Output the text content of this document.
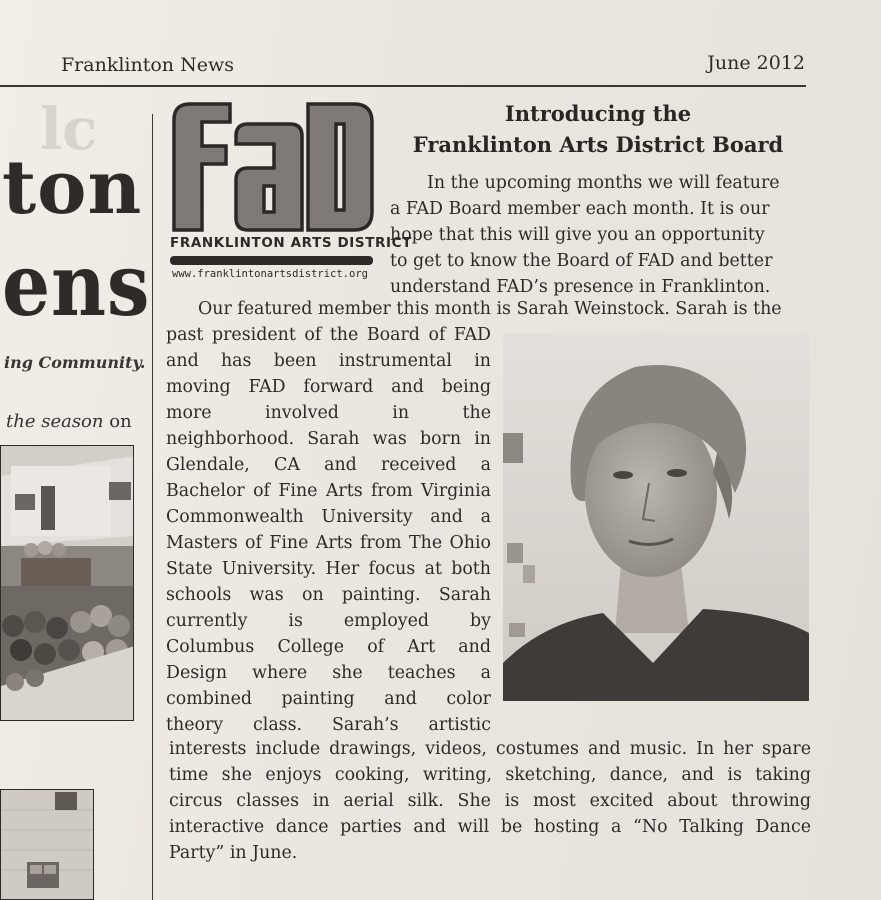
Franklinton News	June 2012
lc
ton
ens
ing Community.
the season on
FRANKLINTON ARTS DISTRICT
www.franklintonartsdistrict.org
Introducing the
Franklinton Arts District Board
In the upcoming months we will feature
a FAD Board member each month. It is our
hope that this will give you an opportunity
to get to know the Board of FAD and better
understand FAD’s presence in Franklinton.
Our featured member this month is Sarah Weinstock. Sarah is the
past president of the Board of FAD
and has been instrumental in
moving FAD forward and being
more involved in the
neighborhood. Sarah was born in
Glendale, CA and received a
Bachelor of Fine Arts from Virginia
Commonwealth University and a
Masters of Fine Arts from The Ohio
State University. Her focus at both
schools was on painting. Sarah
currently is employed by
Columbus College of Art and
Design where she teaches a
combined painting and color
theory class. Sarah’s artistic
interests include drawings, videos, costumes and music. In her spare
time she enjoys cooking, writing, sketching, dance, and is taking
circus classes in aerial silk. She is most excited about throwing
interactive dance parties and will be hosting a “No Talking Dance
Party” in June.
